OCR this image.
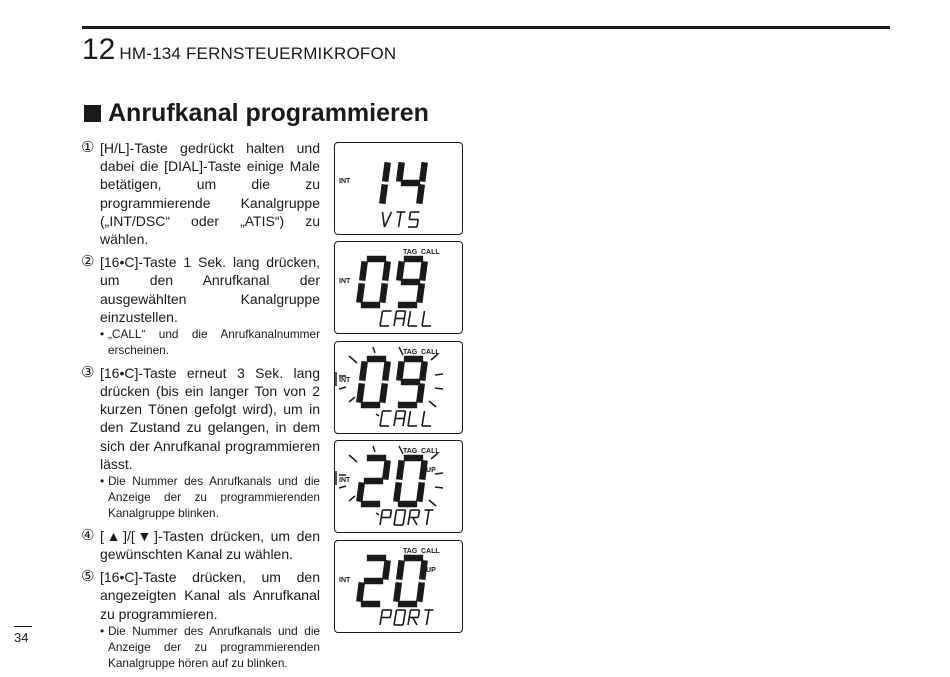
12 HM-134 FERNSTEUERMIKROFON
Anrufkanal programmieren
① [H/L]-Taste gedrückt halten und dabei die [DIAL]-Taste einige Male betätigen, um die zu programmierende Kanalgruppe („INT/DSC“ oder „ATIS“) zu wählen.
② [16•C]-Taste 1 Sek. lang drücken, um den Anrufkanal der ausgewählten Kanalgruppe einzustellen.
• „CALL“ und die Anrufkanalnummer erscheinen.
③ [16•C]-Taste erneut 3 Sek. lang drücken (bis ein langer Ton von 2 kurzen Tönen gefolgt wird), um in den Zustand zu gelangen, in dem sich der Anrufkanal programmieren lässt.
• Die Nummer des Anrufkanals und die Anzeige der zu programmierenden Kanalgruppe blinken.
④ [▲]/[▼]-Tasten drücken, um den gewünschten Kanal zu wählen.
⑤ [16•C]-Taste drücken, um den angezeigten Kanal als Anrufkanal zu programmieren.
• Die Nummer des Anrufkanals und die Anzeige der zu programmierenden Kanalgruppe hören auf zu blinken.
INT
TAG CALL
INT
TAG CALL
INT
TAG CALL
INT
DUP
TAG CALL
INT
DUP
34
